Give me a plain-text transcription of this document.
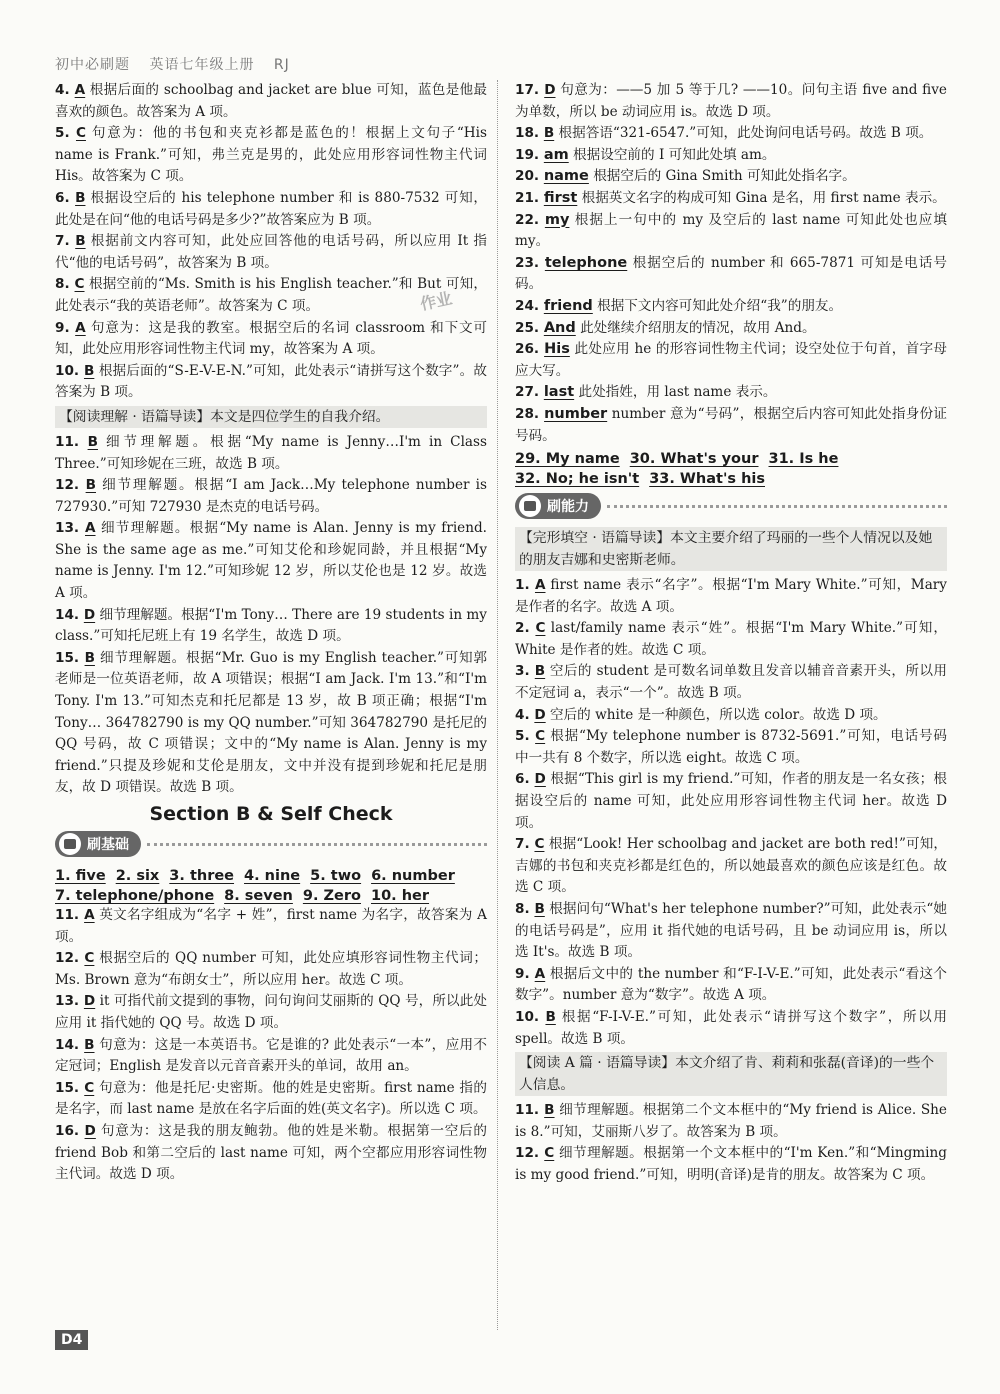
初中必刷题 英语七年级上册 RJ

4. A 根据后面的 schoolbag and jacket are blue 可知，蓝色是他最喜欢的颜色。故答案为 A 项。

5. C 句意为：他的书包和夹克衫都是蓝色的！根据上文句子“His name is Frank.”可知，弗兰克是男的，此处应用形容词性物主代词 His。故答案为 C 项。

6. B 根据设空后的 his telephone number 和 is 880-7532 可知，此处是在问“他的电话号码是多少?”故答案应为 B 项。

7. B 根据前文内容可知，此处应回答他的电话号码，所以应用 It 指代“他的电话号码”，故答案为 B 项。

8. C 根据空前的“Ms. Smith is his English teacher.”和 But 可知，此处表示“我的英语老师”。故答案为 C 项。

9. A 句意为：这是我的教室。根据空后的名词 classroom 和下文可知，此处应用形容词性物主代词 my，故答案为 A 项。

10. B 根据后面的“S-E-V-E-N.”可知，此处表示“请拼写这个数字”。故答案为 B 项。

【阅读理解 · 语篇导读】本文是四位学生的自我介绍。

11. B 细节理解题。根据“My name is Jenny…I'm in Class Three.”可知珍妮在三班，故选 B 项。

12. B 细节理解题。根据“I am Jack…My telephone number is 727930.”可知 727930 是杰克的电话号码。

13. A 细节理解题。根据“My name is Alan. Jenny is my friend. She is the same age as me.”可知艾伦和珍妮同龄，并且根据“My name is Jenny. I'm 12.”可知珍妮 12 岁，所以艾伦也是 12 岁。故选 A 项。

14. D 细节理解题。根据“I'm Tony… There are 19 students in my class.”可知托尼班上有 19 名学生，故选 D 项。

15. B 细节理解题。根据“Mr. Guo is my English teacher.”可知郭老师是一位英语老师，故 A 项错误；根据“I am Jack. I'm 13.”和“I'm Tony. I'm 13.”可知杰克和托尼都是 13 岁，故 B 项正确；根据“I'm Tony… 364782790 is my QQ number.”可知 364782790 是托尼的 QQ 号码，故 C 项错误；文中的“My name is Alan. Jenny is my friend.”只提及珍妮和艾伦是朋友，文中并没有提到珍妮和托尼是朋友，故 D 项错误。故选 B 项。

Section B & Self Check
刷基础
1. five 2. six 3. three 4. nine 5. two 6. number
7. telephone/phone 8. seven 9. Zero 10. her

11. A 英文名字组成为“名字 + 姓”，first name 为名字，故答案为 A 项。

12. C 根据空后的 QQ number 可知，此处应填形容词性物主代词；Ms. Brown 意为“布朗女士”，所以应用 her。故选 C 项。

13. D it 可指代前文提到的事物，问句询问艾丽斯的 QQ 号，所以此处应用 it 指代她的 QQ 号。故选 D 项。

14. B 句意为：这是一本英语书。它是谁的? 此处表示“一本”，应用不定冠词；English 是发音以元音音素开头的单词，故用 an。

15. C 句意为：他是托尼·史密斯。他的姓是史密斯。first name 指的是名字，而 last name 是放在名字后面的姓(英文名字)。所以选 C 项。

16. D 句意为：这是我的朋友鲍勃。他的姓是米勒。根据第一空后的 friend Bob 和第二空后的 last name 可知，两个空都应用形容词性物主代词。故选 D 项。

17. D 句意为：——5 加 5 等于几? ——10。问句主语 five and five 为单数，所以 be 动词应用 is。故选 D 项。

18. B 根据答语“321-6547.”可知，此处询问电话号码。故选 B 项。

19. am 根据设空前的 I 可知此处填 am。

20. name 根据空后的 Gina Smith 可知此处指名字。

21. first 根据英文名字的构成可知 Gina 是名，用 first name 表示。

22. my 根据上一句中的 my 及空后的 last name 可知此处也应填 my。

23. telephone 根据空后的 number 和 665-7871 可知是电话号码。

24. friend 根据下文内容可知此处介绍“我”的朋友。

25. And 此处继续介绍朋友的情况，故用 And。

26. His 此处应用 he 的形容词性物主代词；设空处位于句首，首字母应大写。

27. last 此处指姓，用 last name 表示。

28. number number 意为“号码”，根据空后内容可知此处指身份证号码。

29. My name 30. What's your 31. Is he
32. No; he isn't 33. What's his
刷能力
【完形填空 · 语篇导读】本文主要介绍了玛丽的一些个人情况以及她的朋友吉娜和史密斯老师。

1. A first name 表示“名字”。根据“I'm Mary White.”可知，Mary 是作者的名字。故选 A 项。

2. C last/family name 表示“姓”。根据“I'm Mary White.”可知，White 是作者的姓。故选 C 项。

3. B 空后的 student 是可数名词单数且发音以辅音音素开头，所以用不定冠词 a，表示“一个”。故选 B 项。

4. D 空后的 white 是一种颜色，所以选 color。故选 D 项。

5. C 根据“My telephone number is 8732-5691.”可知，电话号码中一共有 8 个数字，所以选 eight。故选 C 项。

6. D 根据“This girl is my friend.”可知，作者的朋友是一名女孩；根据设空后的 name 可知，此处应用形容词性物主代词 her。故选 D 项。

7. C 根据“Look! Her schoolbag and jacket are both red!”可知，吉娜的书包和夹克衫都是红色的，所以她最喜欢的颜色应该是红色。故选 C 项。

8. B 根据问句“What's her telephone number?”可知，此处表示“她的电话号码是”，应用 it 指代她的电话号码，且 be 动词应用 is，所以选 It's。故选 B 项。

9. A 根据后文中的 the number 和“F-I-V-E.”可知，此处表示“看这个数字”。number 意为“数字”。故选 A 项。

10. B 根据“F-I-V-E.”可知，此处表示“请拼写这个数字”，所以用 spell。故选 B 项。

【阅读 A 篇 · 语篇导读】本文介绍了肯、莉莉和张磊(音译)的一些个人信息。

11. B 细节理解题。根据第二个文本框中的“My friend is Alice. She is 8.”可知，艾丽斯八岁了。故答案为 B 项。

12. C 细节理解题。根据第一个文本框中的“I'm Ken.”和“Mingming is my good friend.”可知，明明(音译)是肯的朋友。故答案为 C 项。

作业
D4
